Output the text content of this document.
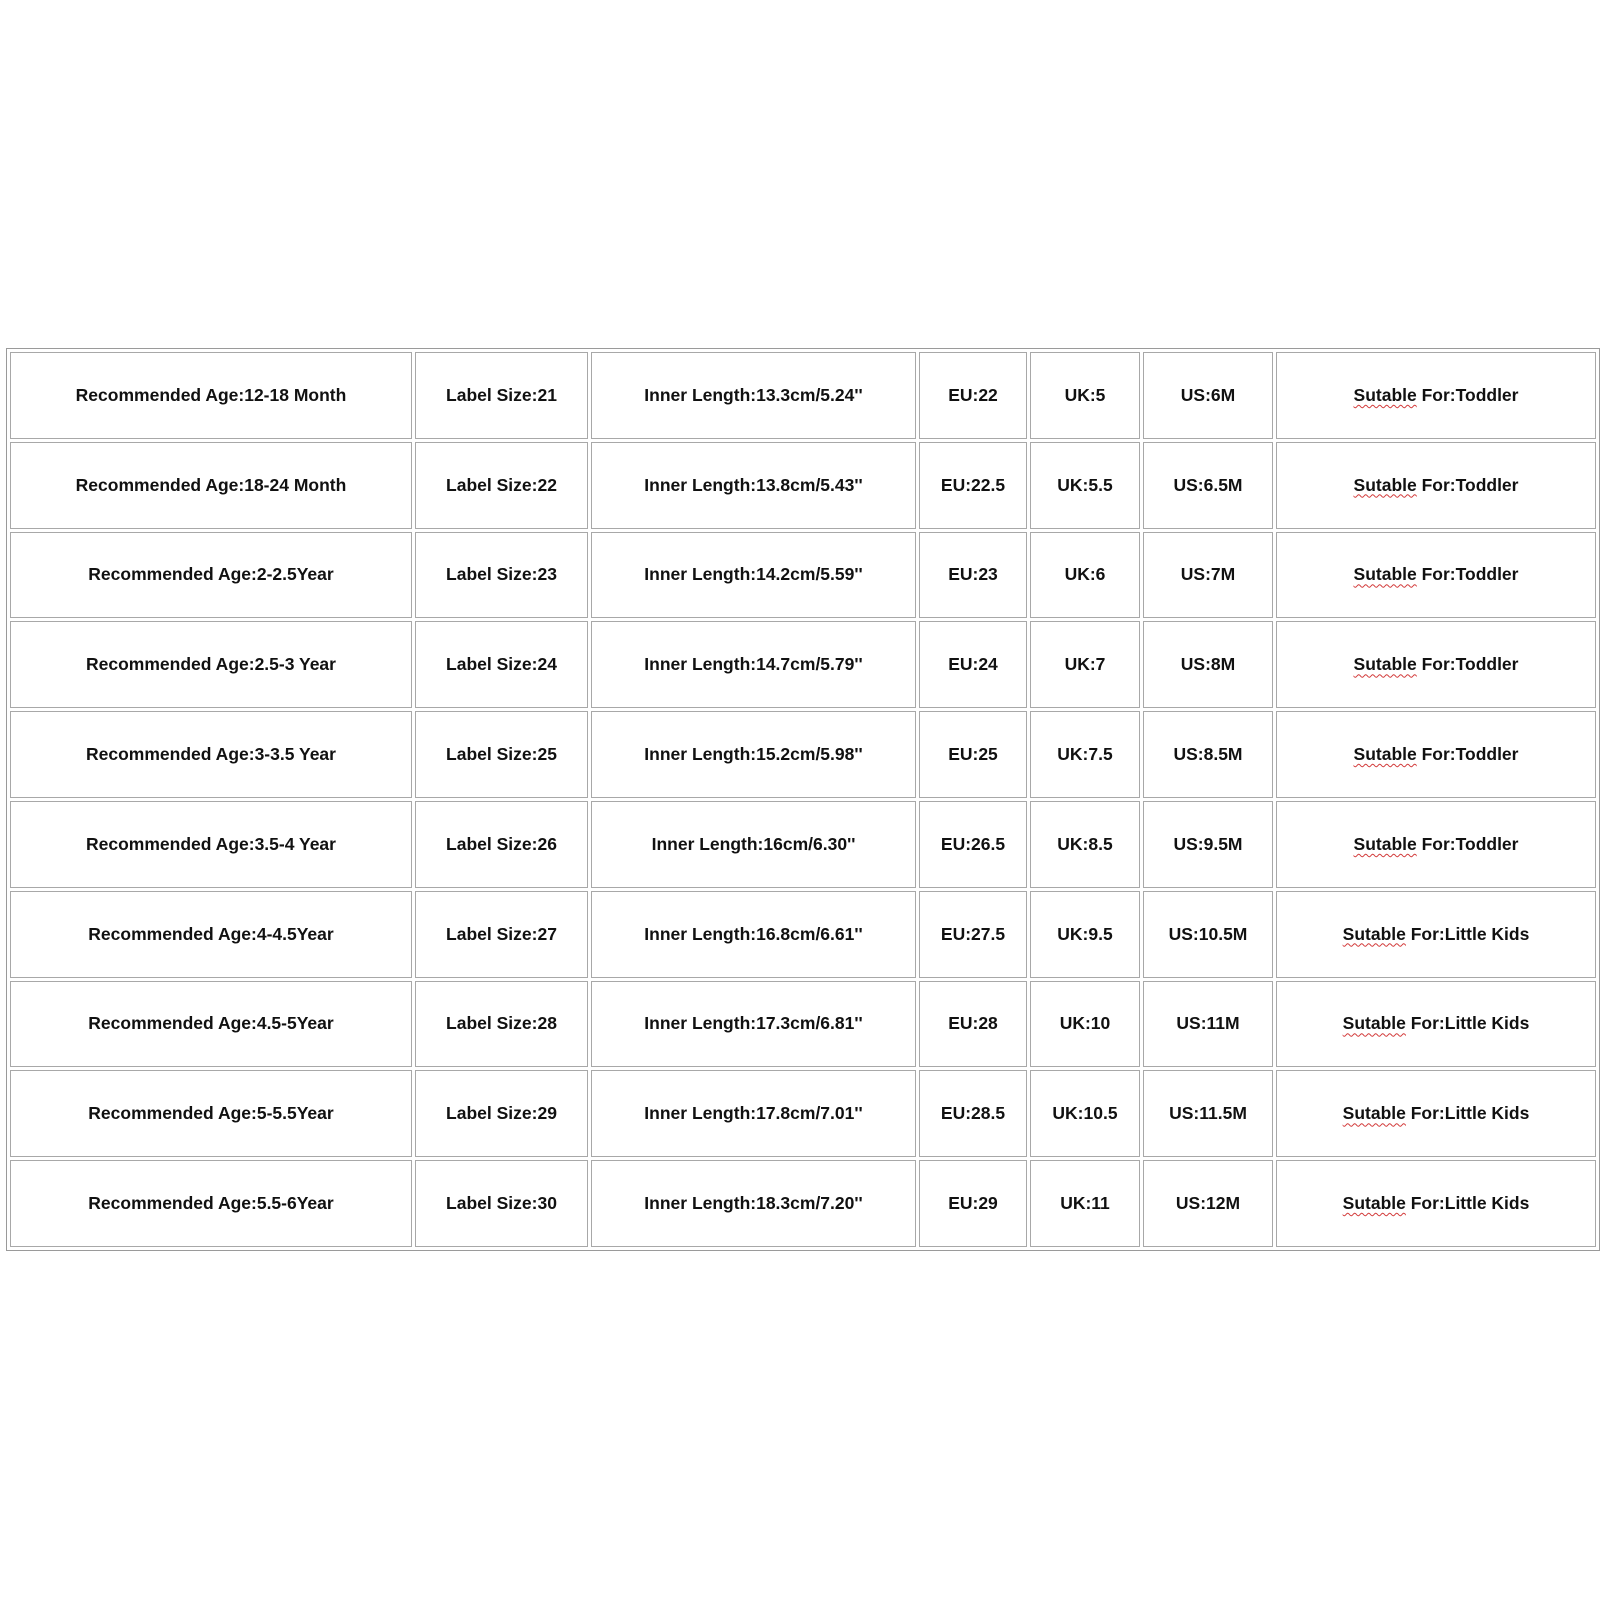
Recommended Age:12-18 Month	Label Size:21	Inner Length:13.3cm/5.24''	EU:22	UK:5	US:6M	Sutable For:Toddler
Recommended Age:18-24 Month	Label Size:22	Inner Length:13.8cm/5.43''	EU:22.5	UK:5.5	US:6.5M	Sutable For:Toddler
Recommended Age:2-2.5Year	Label Size:23	Inner Length:14.2cm/5.59''	EU:23	UK:6	US:7M	Sutable For:Toddler
Recommended Age:2.5-3 Year	Label Size:24	Inner Length:14.7cm/5.79''	EU:24	UK:7	US:8M	Sutable For:Toddler
Recommended Age:3-3.5 Year	Label Size:25	Inner Length:15.2cm/5.98''	EU:25	UK:7.5	US:8.5M	Sutable For:Toddler
Recommended Age:3.5-4 Year	Label Size:26	Inner Length:16cm/6.30''	EU:26.5	UK:8.5	US:9.5M	Sutable For:Toddler
Recommended Age:4-4.5Year	Label Size:27	Inner Length:16.8cm/6.61''	EU:27.5	UK:9.5	US:10.5M	Sutable For:Little Kids
Recommended Age:4.5-5Year	Label Size:28	Inner Length:17.3cm/6.81''	EU:28	UK:10	US:11M	Sutable For:Little Kids
Recommended Age:5-5.5Year	Label Size:29	Inner Length:17.8cm/7.01''	EU:28.5	UK:10.5	US:11.5M	Sutable For:Little Kids
Recommended Age:5.5-6Year	Label Size:30	Inner Length:18.3cm/7.20''	EU:29	UK:11	US:12M	Sutable For:Little Kids
